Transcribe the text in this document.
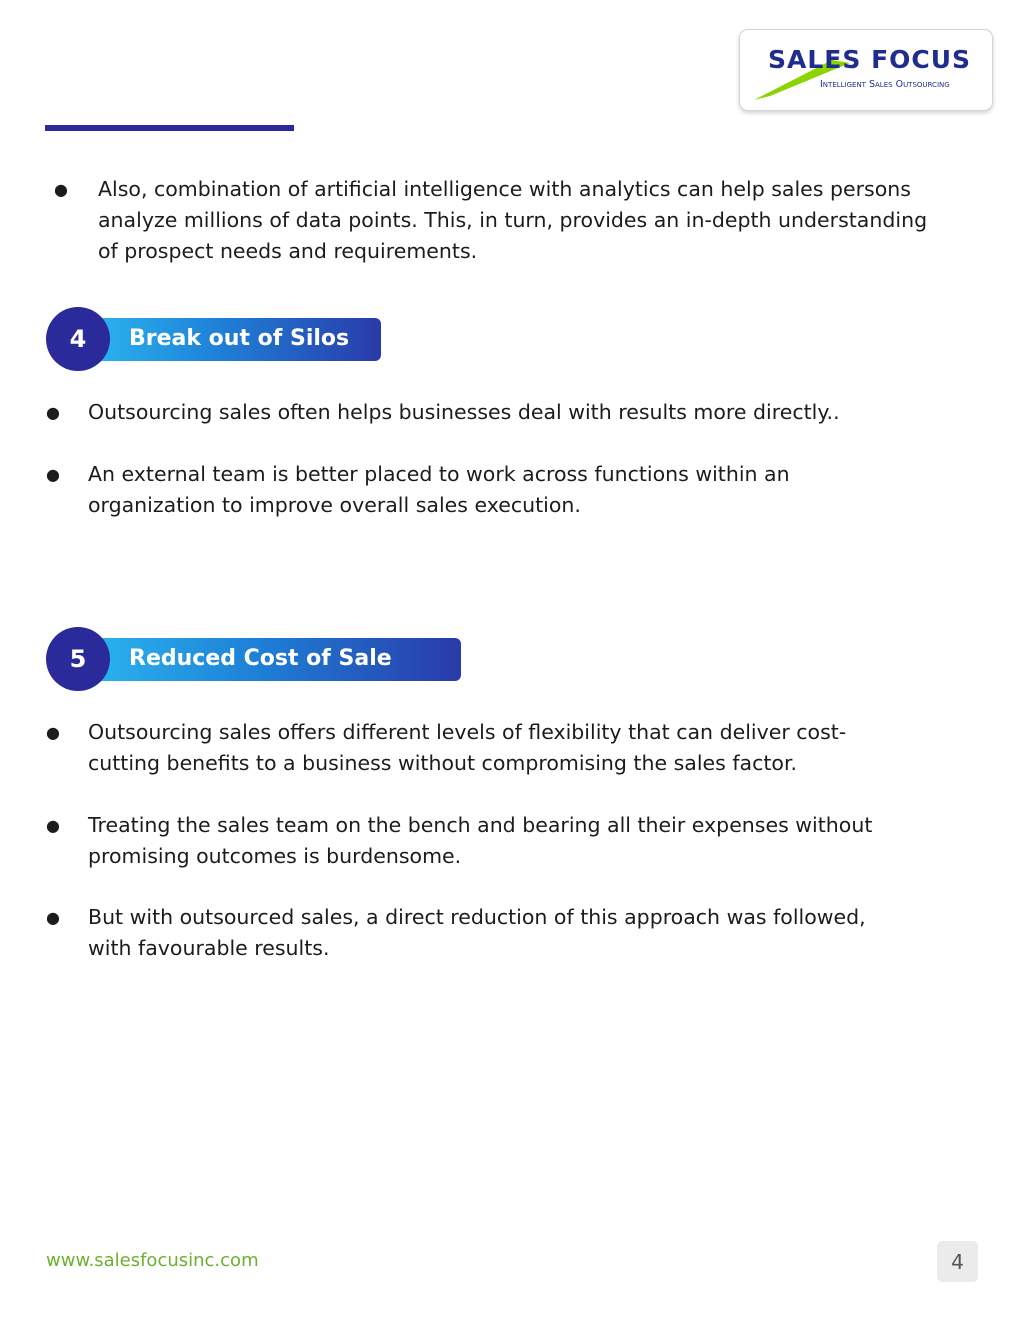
SALES FOCUS
Intelligent Sales Outsourcing
● Also, combination of artificial intelligence with analytics can help sales persons
analyze millions of data points. This, in turn, provides an in-depth understanding
of prospect needs and requirements.
Break out of Silos
4
● Outsourcing sales often helps businesses deal with results more directly..
● An external team is better placed to work across functions within an
organization to improve overall sales execution.
Reduced Cost of Sale
5
● Outsourcing sales offers different levels of flexibility that can deliver cost-
cutting benefits to a business without compromising the sales factor.
● Treating the sales team on the bench and bearing all their expenses without
promising outcomes is burdensome.
● But with outsourced sales, a direct reduction of this approach was followed,
with favourable results.
www.salesfocusinc.com	4
